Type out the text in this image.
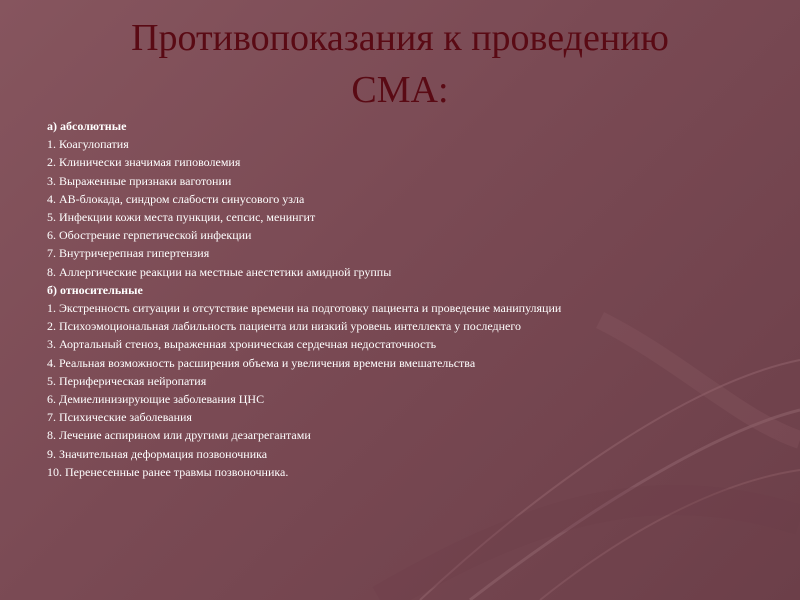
Противопоказания к проведению
СМА:
а) абсолютные
1. Коагулопатия
2. Клинически значимая гиповолемия
3. Выраженные признаки ваготонии
4. АВ-блокада, синдром слабости синусового узла
5. Инфекции кожи места пункции, сепсис, менингит
6. Обострение герпетической инфекции
7. Внутричерепная гипертензия
8. Аллергические реакции на местные анестетики амидной группы
б) относительные
1. Экстренность ситуации и отсутствие времени на подготовку пациента и проведение манипуляции
2. Психоэмоциональная лабильность пациента или низкий уровень интеллекта у последнего
3. Аортальный стеноз, выраженная хроническая сердечная недостаточность
4. Реальная возможность расширения объема и увеличения времени вмешательства
5. Периферическая нейропатия
6. Демиелинизирующие заболевания ЦНС
7. Психические заболевания
8. Лечение аспирином или другими дезагрегантами
9. Значительная деформация позвоночника
10. Перенесенные ранее травмы позвоночника.
